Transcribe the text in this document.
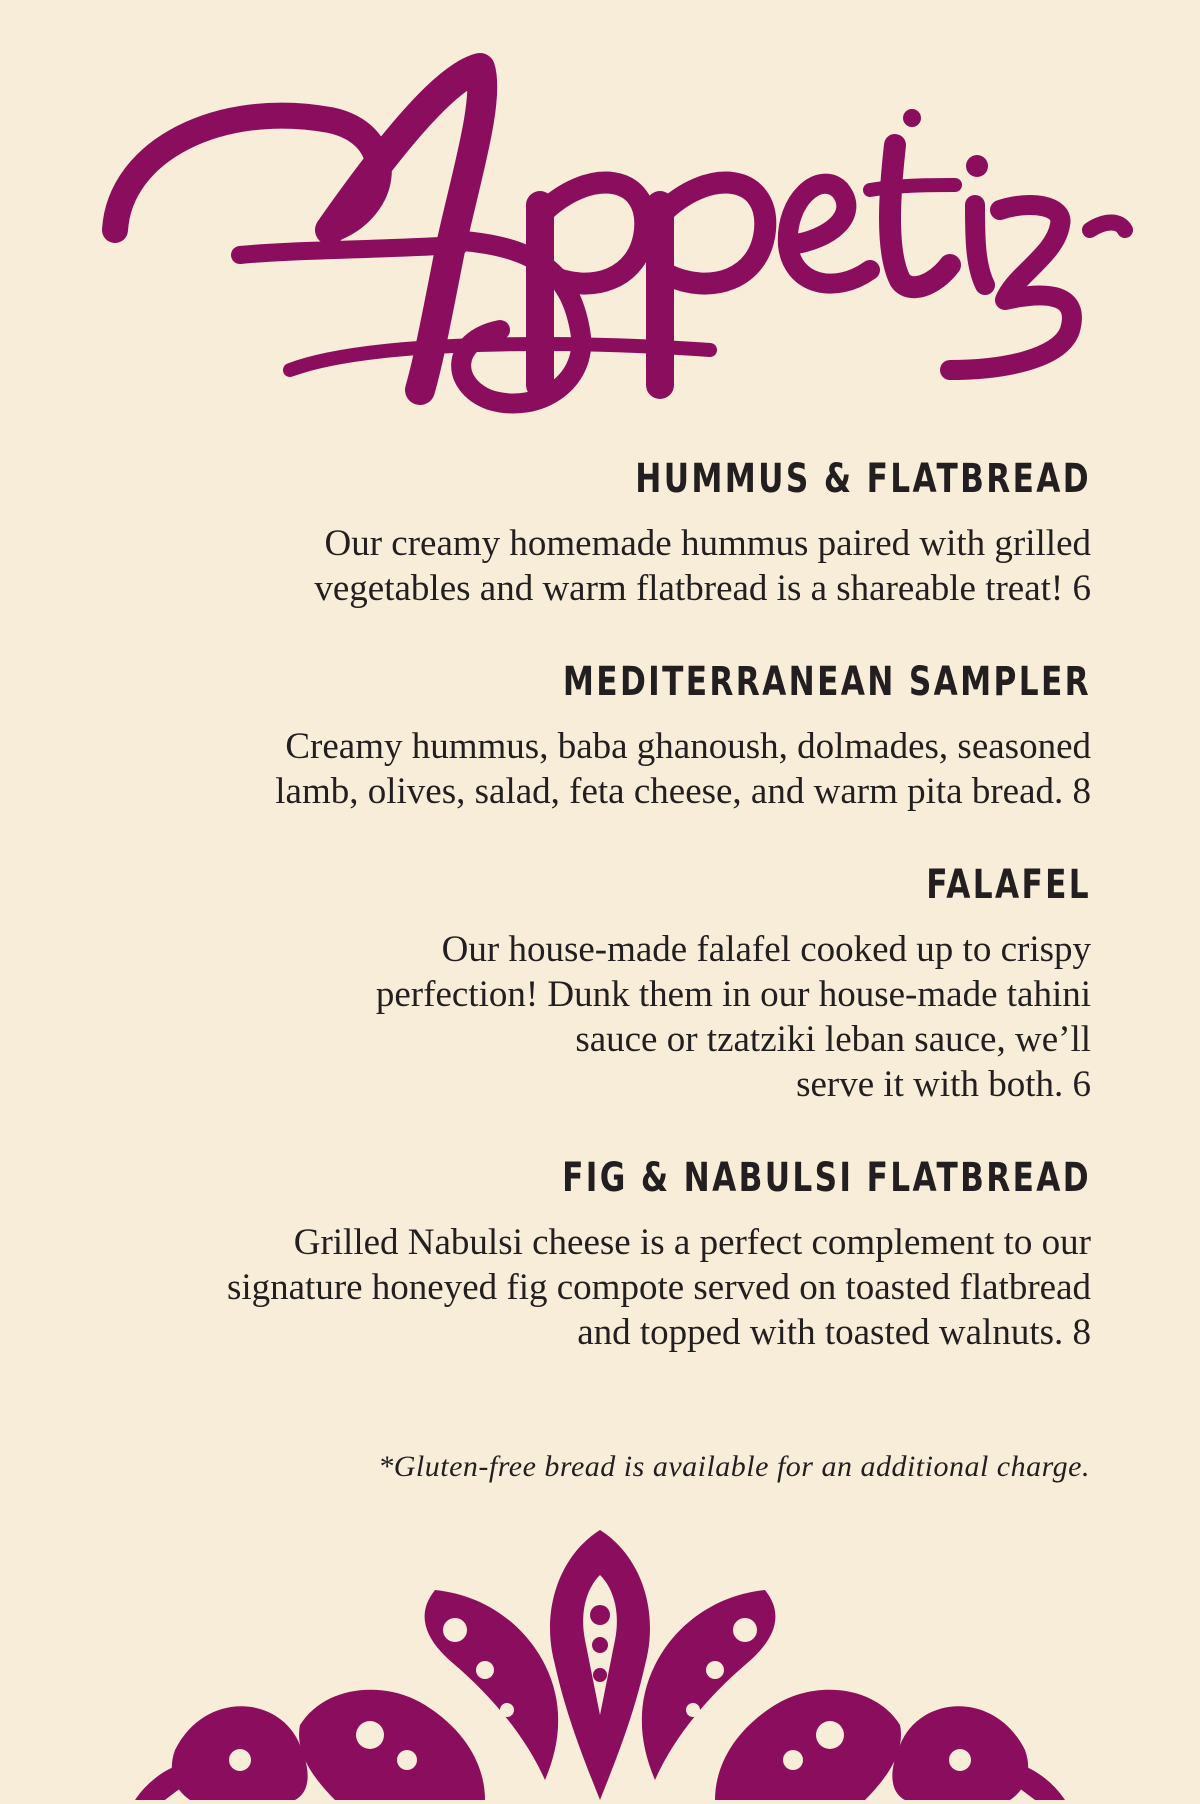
HUMMUS & FLATBREAD

Our creamy homemade hummus paired with grilled
vegetables and warm flatbread is a shareable treat! 6

MEDITERRANEAN SAMPLER

Creamy hummus, baba ghanoush, dolmades, seasoned
lamb, olives, salad, feta cheese, and warm pita bread. 8

FALAFEL

Our house-made falafel cooked up to crispy
perfection! Dunk them in our house-made tahini
sauce or tzatziki leban sauce, we’ll
serve it with both. 6

FIG & NABULSI FLATBREAD

Grilled Nabulsi cheese is a perfect complement to our
signature honeyed fig compote served on toasted flatbread
and topped with toasted walnuts. 8

*Gluten-free bread is available for an additional charge.
